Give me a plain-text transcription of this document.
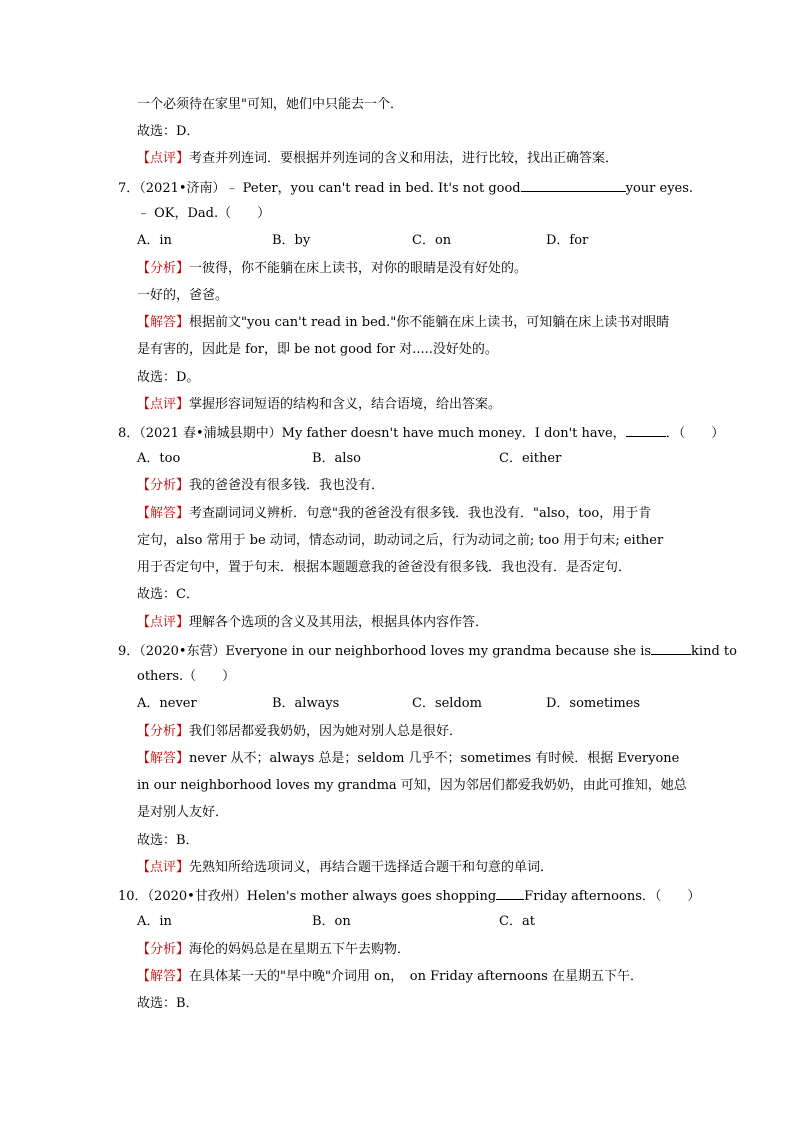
一个必须待在家里"可知，她们中只能去一个．
故选：D．
【点评】考查并列连词．要根据并列连词的含义和用法，进行比较，找出正确答案．
7．（2021•济南）﹣ Peter，you can't read in bed. It's not good	your eyes.
﹣ OK，Dad.（　　）
A．in	B．by	C．on	D．for
【分析】一彼得，你不能躺在床上读书，对你的眼睛是没有好处的。
一好的，爸爸。
【解答】根据前文"you can't read in bed."你不能躺在床上读书，可知躺在床上读书对眼睛
是有害的，因此是 for，即 be not good for 对.....没好处的。
故选：D。
【点评】掌握形容词短语的结构和含义，结合语境，给出答案。
8．（2021 春•浦城县期中）My father doesn't have much money．I don't have，	．（　　）
A．too	B．also	C．either
【分析】我的爸爸没有很多钱．我也没有．
【解答】考查副词词义辨析．句意"我的爸爸没有很多钱．我也没有．"also，too，用于肯
定句，also 常用于 be 动词，情态动词，助动词之后，行为动词之前; too 用于句末; either
用于否定句中，置于句末．根据本题题意我的爸爸没有很多钱．我也没有．是否定句．
故选：C．
【点评】理解各个选项的含义及其用法，根据具体内容作答．
9．（2020•东营）Everyone in our neighborhood loves my grandma because she is	kind to
others.（　　）
A．never	B．always	C．seldom	D．sometimes
【分析】我们邻居都爱我奶奶，因为她对别人总是很好．
【解答】never 从不；always 总是；seldom 几乎不；sometimes 有时候．根据 Everyone
in our neighborhood loves my grandma 可知，因为邻居们都爱我奶奶，由此可推知，她总
是对别人友好．
故选：B．
【点评】先熟知所给选项词义，再结合题干选择适合题干和句意的单词．
10．（2020•甘孜州）Helen's mother always goes shopping Friday afternoons．（　　）
A．in	B．on	C．at
【分析】海伦的妈妈总是在星期五下午去购物．
【解答】在具体某一天的"早中晚"介词用 on，　on Friday afternoons 在星期五下午．
故选：B．
